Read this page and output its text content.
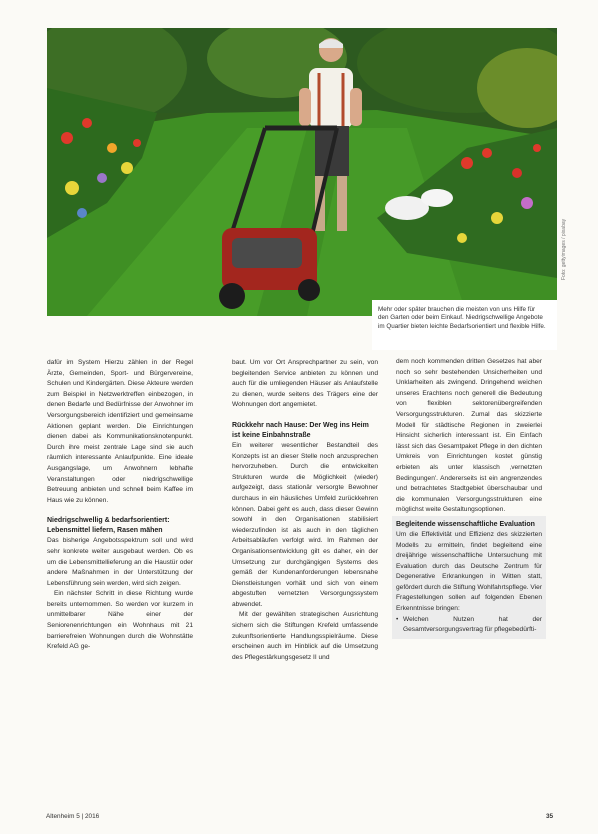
Mehr oder später brauchen die meisten von uns Hilfe für den Garten oder beim Einkauf. Niedrigschwellige Angebote im Quartier bieten leichte Bedarfsorientiert und flexible Hilfe.
Foto: gettyimages / pixabay

dafür im System Hierzu zählen in der Regel Ärzte, Gemeinden, Sport- und Bürgervereine, Schulen und Kindergärten. Diese Akteure werden zum Beispiel in Netzwerktreffen einbezogen, in denen Bedarfe und Bedürfnisse der Anwohner im Versorgungsbereich identifiziert und gemeinsame Aktionen geplant werden. Die Einrichtungen dienen dabei als Kommunikationsknotenpunkt. Durch ihre meist zentrale Lage sind sie auch räumlich interessante Anlaufpunkte. Eine ideale Ausgangslage, um Anwohnern lebhafte Veranstaltungen oder niedrigschwellige Betreuung anbieten und schnell beim Kaffee im Haus wie zu können.

Niedrigschwellig & bedarfsorientiert: Lebensmittel liefern, Rasen mähen

Das bisherige Angebotsspektrum soll und wird sehr konkrete weiter ausgebaut werden. Ob es um die Lebensmittellieferung an die Haustür oder andere Maßnahmen in der Unterstützung der Lebensführung sein werden, wird sich zeigen.

Ein nächster Schritt in diese Richtung wurde bereits unternommen. So werden vor kurzem in unmittelbarer Nähe einer der Seniorenenrichtungen ein Wohnhaus mit 21 barrierefreien Wohnungen durch die Wohnstätte Krefeld AG ge-

baut. Um vor Ort Ansprechpartner zu sein, von begleitenden Service anbieten zu können und auch für die umliegenden Häuser als Anlaufstelle zu dienen, wurde seitens des Trägers eine der Wohnungen dort angemietet.

Rückkehr nach Hause: Der Weg ins Heim ist keine Einbahnstraße

Ein weiterer wesentlicher Bestandteil des Konzepts ist an dieser Stelle noch anzusprechen hervorzuheben. Durch die entwickelten Strukturen wurde die Möglichkeit (wieder) aufgezeigt, dass stationär versorgte Bewohner durchaus in ein häusliches Umfeld zurückkehren können. Dabei geht es auch, dass dieser Gewinn sowohl in den Organisationen stabilisiert wiederzufinden ist als auch in den täglichen Arbeitsabläufen verfolgt wird. Im Rahmen der Organisationsentwicklung gilt es daher, ein der Umsetzung zur durchgängigen Systems des gemäß der Kundenanforderungen lebensnahe Dienstleistungen vorhält und sich von einem abgestuften vernetzten Versorgungssystem abwendet.

Mit der gewählten strategischen Ausrichtung sichern sich die Stiftungen Krefeld umfassende zukunftsorientierte Handlungsspielräume. Diese erscheinen auch im Hinblick auf die Umsetzung des Pflegestärkungsgesetz II und

dem noch kommenden dritten Gesetzes hat aber noch so sehr bestehenden Unsicherheiten und Unklarheiten als zwingend. Dringehend weichen unseres Erachtens noch generell die Bedeutung von flexiblen sektorenübergreifenden Versorgungsstrukturen. Zumal das skizzierte Modell für städtische Regionen in zweierlei Hinsicht sicherlich interessant ist. Ein Einfach lässt sich das Gesamtpaket Pflege in den dichten Umkreis von Einrichtungen kostet günstig erbieten als unter klassisch ‚vernetzten Bedingungen'. Andererseits ist ein angrenzendes und betrachtetes Stadtgebiet überschaubar und die kommunalen Versorgungsstrukturen eine möglichst weite Gestaltungsoptionen.

Begleitende wissenschaftliche Evaluation

Um die Effektivität und Effizienz des skizzierten Modells zu ermitteln, findet begleitend eine dreijährige wissenschaftliche Untersuchung mit Evaluation durch das Deutsche Zentrum für Degenerative Erkrankungen in Witten statt, gefördert durch die Stiftung Wohlfahrtspflege. Vier Fragestellungen sollen auf folgenden Ebenen Erkenntnisse bringen:

• Welchen Nutzen hat der Gesamtversorgungsvertrag für pflegebedürfti-
Altenheim 5 | 2016	35
